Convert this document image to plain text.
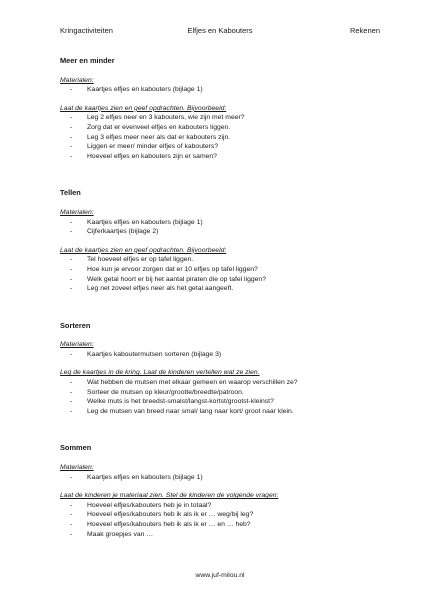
Kringactiviteiten	Elfjes en Kabouters	Rekenen

Meer en minder

Materialen:

- Kaartjes elfjes en kabouters (bijlage 1)

Laat de kaartjes zien en geef opdrachten. Bijvoorbeeld:

- Leg 2 elfjes neer en 3 kabouters, wie zijn met meer?
- Zorg dat er evenveel elfjes en kabouters liggen.
- Leg 3 elfjes meer neer als dat er kabouters zijn.
- Liggen er meer/ minder elfjes of kabouters?
- Hoeveel elfjes en kabouters zijn er samen?

Tellen

Materialen:

- Kaartjes elfjes en kabouters (bijlage 1)
- Cijferkaartjes (bijlage 2)

Laat de kaartjes zien en geef opdrachten. Bijvoorbeeld:

- Tel hoeveel elfjes er op tafel liggen.
- Hoe kun je ervoor zorgen dat er 10 elfjes op tafel liggen?
- Welk getal hoort er bij het aantal piraten die op tafel liggen?
- Leg net zoveel elfjes neer als het getal aangeeft.

Sorteren

Materialen:

- Kaartjes kaboutermutsen sorteren (bijlage 3)

Leg de kaartjes in de kring. Laat de kinderen vertellen wat ze zien.

- Wat hebben de mutsen met elkaar gemeen en waarop verschillen ze?
- Sorteer de mutsen op kleur/grootte/breedte/patroon.
- Welke muts is het breedst-smalst/langst-kortst/grootst-kleinst?
- Leg de mutsen van breed naar smal/ lang naar kort/ groot naar klein.

Sommen

Materialen:

- Kaartjes elfjes en kabouters (bijlage 1)

Laat de kinderen je materiaal zien. Stel de kinderen de volgende vragen:

- Hoeveel elfjes/kabouters heb je in totaal?
- Hoeveel elfjes/kabouters heb ik als ik er … weg/bij leg?
- Hoeveel elfjes/kabouters heb ik als ik er … en … heb?
- Maak groepjes van …
www.juf-milou.nl
